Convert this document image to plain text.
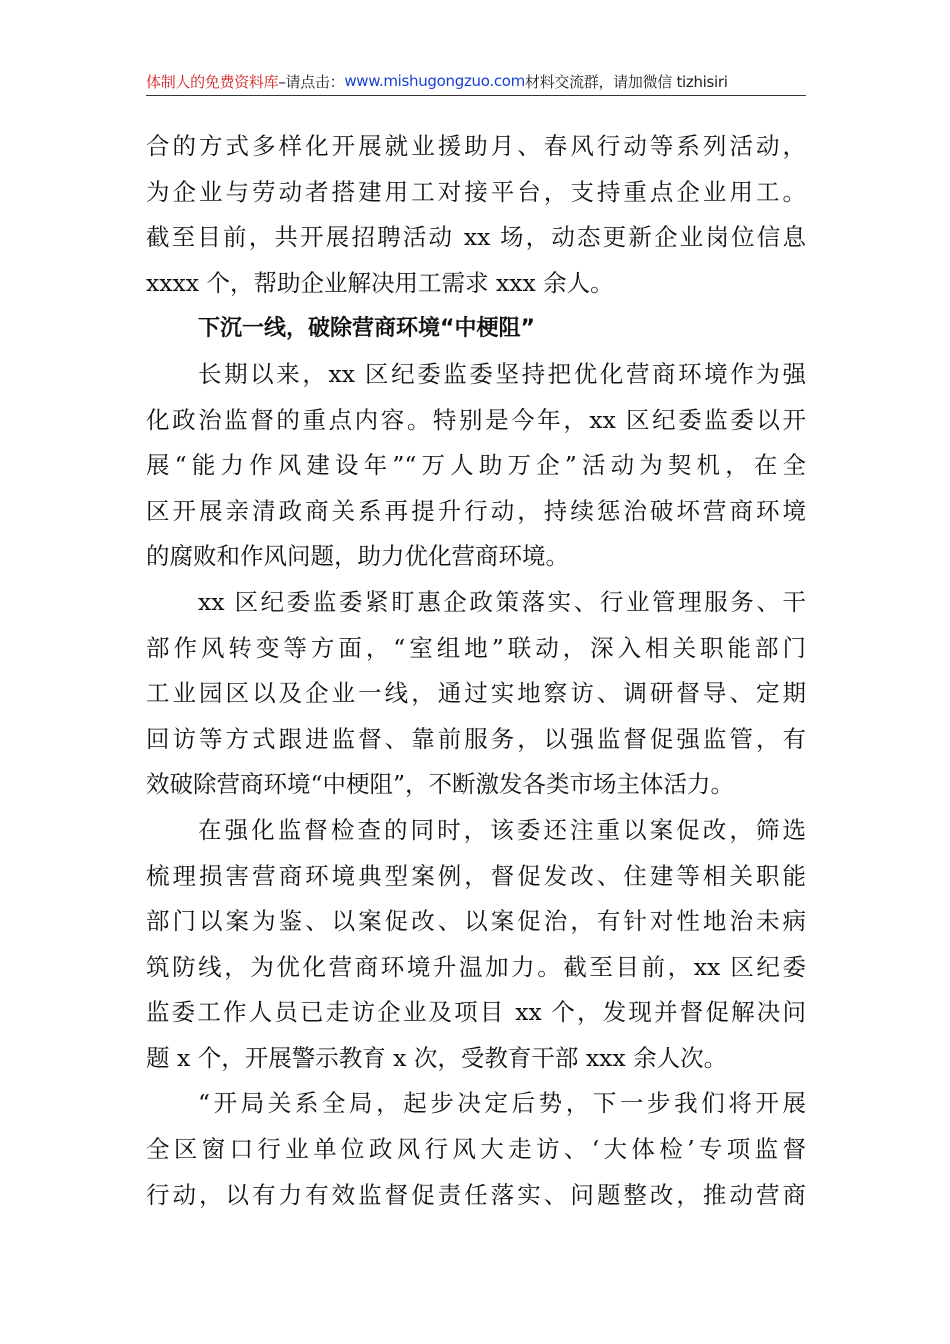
体制人的免费资料库 –请点击： www.mishugongzuo.com 材料交流群，请加微信 tizhisiri
合的方式多样化开展就业援助月、春风行动等系列活动，
为企业与劳动者搭建用工对接平台，支持重点企业用工。
截至目前，共开展招聘活动 xx 场，动态更新企业岗位信息
xxxx 个，帮助企业解决用工需求 xxx 余人。
下沉一线，破除营商环境“中梗阻”
长期以来，xx 区纪委监委坚持把优化营商环境作为强
化政治监督的重点内容。特别是今年，xx 区纪委监委以开
展“能力作风建设年”“万人助万企”活动为契机，在全
区开展亲清政商关系再提升行动，持续惩治破坏营商环境
的腐败和作风问题，助力优化营商环境。
xx 区纪委监委紧盯惠企政策落实、行业管理服务、干
部作风转变等方面，“室组地”联动，深入相关职能部门
工业园区以及企业一线，通过实地察访、调研督导、定期
回访等方式跟进监督、靠前服务，以强监督促强监管，有
效破除营商环境“中梗阻”，不断激发各类市场主体活力。
在强化监督检查的同时，该委还注重以案促改，筛选
梳理损害营商环境典型案例，督促发改、住建等相关职能
部门以案为鉴、以案促改、以案促治，有针对性地治未病
筑防线，为优化营商环境升温加力。截至目前，xx 区纪委
监委工作人员已走访企业及项目 xx 个，发现并督促解决问
题 x 个，开展警示教育 x 次，受教育干部 xxx 余人次。
“开局关系全局，起步决定后势，下一步我们将开展
全区窗口行业单位政风行风大走访、‘大体检’专项监督
行动，以有力有效监督促责任落实、问题整改，推动营商
